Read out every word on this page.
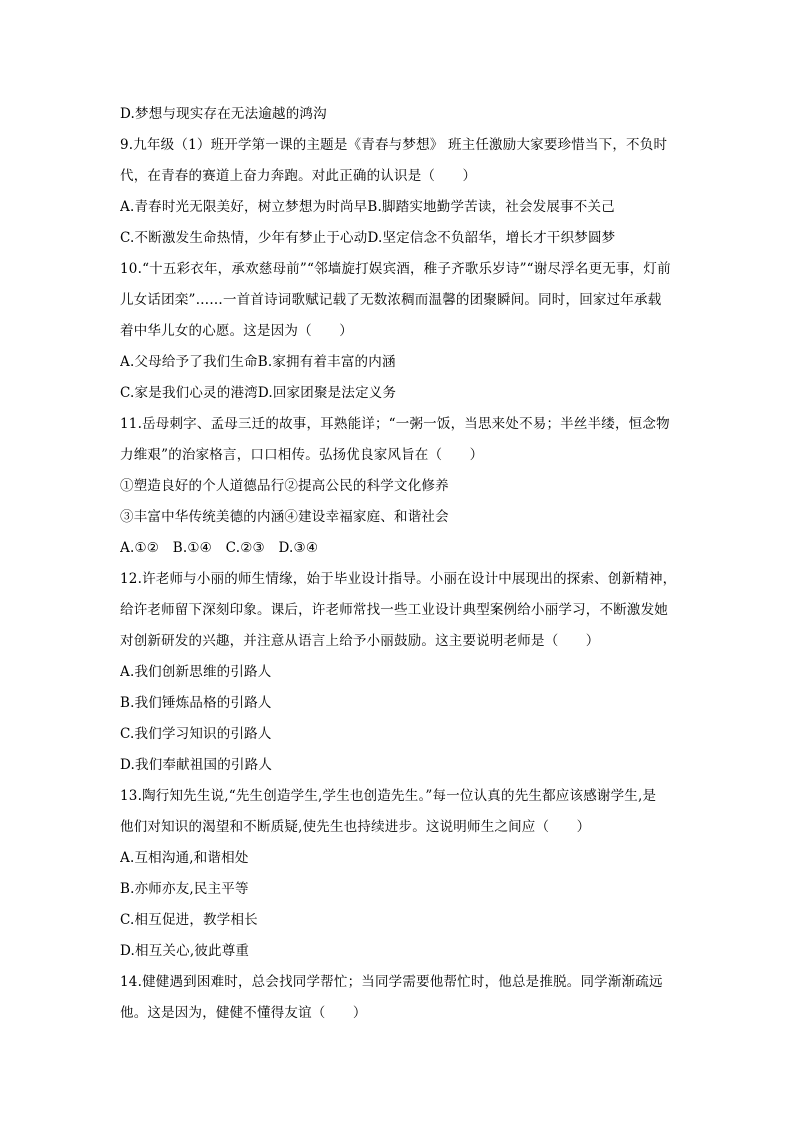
D.梦想与现实存在无法逾越的鸿沟
9.九年级（1）班开学第一课的主题是《青春与梦想》 班主任激励大家要珍惜当下，不负时
代，在青春的赛道上奋力奔跑。对此正确的认识是（　　）
A.青春时光无限美好，树立梦想为时尚早B.脚踏实地勤学苦读，社会发展事不关己
C.不断激发生命热情，少年有梦止于心动D.坚定信念不负韶华，增长才干织梦圆梦
10.“十五彩衣年，承欢慈母前”“邻墙旋打娱宾酒，稚子齐歌乐岁诗”“谢尽浮名更无事，灯前
儿女话团栾”……一首首诗词歌赋记载了无数浓稠而温馨的团聚瞬间。同时，回家过年承载
着中华儿女的心愿。这是因为（　　）
A.父母给予了我们生命B.家拥有着丰富的内涵
C.家是我们心灵的港湾D.回家团聚是法定义务
11.岳母刺字、孟母三迁的故事，耳熟能详；“一粥一饭，当思来处不易；半丝半缕，恒念物
力维艰”的治家格言，口口相传。弘扬优良家风旨在（　　）
①塑造良好的个人道德品行②提高公民的科学文化修养
③丰富中华传统美德的内涵④建设幸福家庭、和谐社会
A.①②　B.①④　C.②③　D.③④
12.许老师与小丽的师生情缘，始于毕业设计指导。小丽在设计中展现出的探索、创新精神，
给许老师留下深刻印象。课后，许老师常找一些工业设计典型案例给小丽学习，不断激发她
对创新研发的兴趣，并注意从语言上给予小丽鼓励。这主要说明老师是（　　）
A.我们创新思维的引路人
B.我们锤炼品格的引路人
C.我们学习知识的引路人
D.我们奉献祖国的引路人
13.陶行知先生说,“先生创造学生,学生也创造先生。”每一位认真的先生都应该感谢学生,是
他们对知识的渴望和不断质疑,使先生也持续进步。这说明师生之间应（　　）
A.互相沟通,和谐相处
B.亦师亦友,民主平等
C.相互促进，教学相长
D.相互关心,彼此尊重
14.健健遇到困难时，总会找同学帮忙；当同学需要他帮忙时，他总是推脱。同学渐渐疏远
他。这是因为，健健不懂得友谊（　　）
